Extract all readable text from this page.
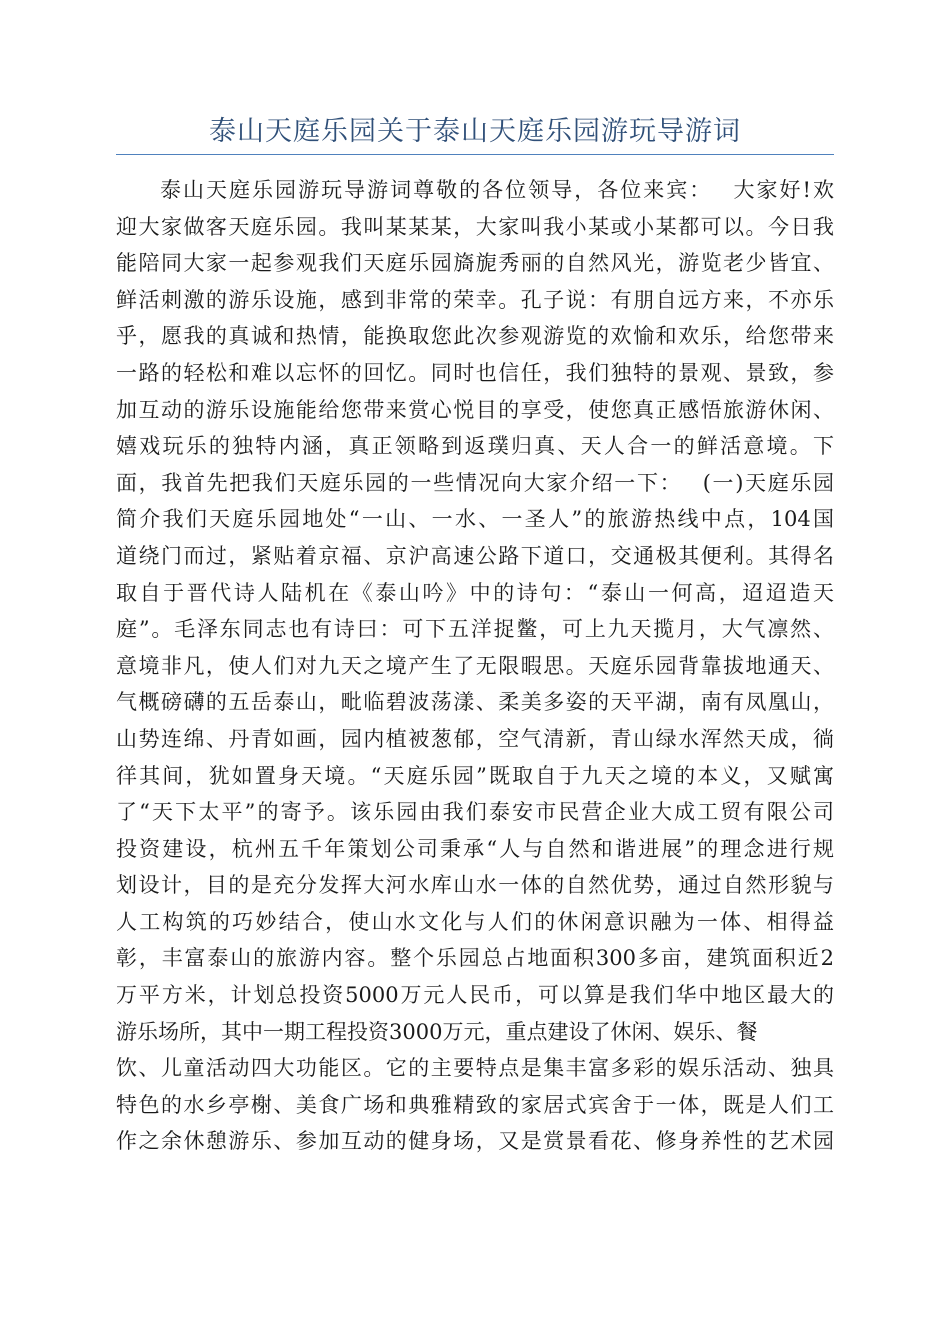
泰山天庭乐园关于泰山天庭乐园游玩导游词
泰山天庭乐园游玩导游词尊敬的各位领导，各位来宾：　 大家好!欢
迎大家做客天庭乐园。我叫某某某，大家叫我小某或小某都可以。今日我
能陪同大家一起参观我们天庭乐园旖旎秀丽的自然风光，游览老少皆宜、
鲜活刺激的游乐设施，感到非常的荣幸。孔子说：有朋自远方来，不亦乐
乎，愿我的真诚和热情，能换取您此次参观游览的欢愉和欢乐，给您带来
一路的轻松和难以忘怀的回忆。同时也信任，我们独特的景观、景致，参
加互动的游乐设施能给您带来赏心悦目的享受，使您真正感悟旅游休闲、
嬉戏玩乐的独特内涵，真正领略到返璞归真、天人合一的鲜活意境。下
面，我首先把我们天庭乐园的一些情况向大家介绍一下：　 (一)天庭乐园
简介我们天庭乐园地处“一山、一水、一圣人”的旅游热线中点，104国
道绕门而过，紧贴着京福、京沪高速公路下道口，交通极其便利。其得名
取自于晋代诗人陆机在《泰山吟》中的诗句：“泰山一何高，迢迢造天
庭”。毛泽东同志也有诗曰：可下五洋捉鳖，可上九天揽月，大气凛然、
意境非凡，使人们对九天之境产生了无限暇思。天庭乐园背靠拔地通天、
气概磅礴的五岳泰山，毗临碧波荡漾、柔美多姿的天平湖，南有凤凰山，
山势连绵、丹青如画，园内植被葱郁，空气清新，青山绿水浑然天成，徜
徉其间，犹如置身天境。“天庭乐园”既取自于九天之境的本义，又赋寓
了“天下太平”的寄予。该乐园由我们泰安市民营企业大成工贸有限公司
投资建设，杭州五千年策划公司秉承“人与自然和谐进展”的理念进行规
划设计，目的是充分发挥大河水库山水一体的自然优势，通过自然形貌与
人工构筑的巧妙结合，使山水文化与人们的休闲意识融为一体、相得益
彰，丰富泰山的旅游内容。整个乐园总占地面积300多亩，建筑面积近2
万平方米，计划总投资5000万元人民币，可以算是我们华中地区最大的
游乐场所，其中一期工程投资3000万元，重点建设了休闲、娱乐、餐
饮、儿童活动四大功能区。它的主要特点是集丰富多彩的娱乐活动、独具
特色的水乡亭榭、美食广场和典雅精致的家居式宾舍于一体，既是人们工
作之余休憩游乐、参加互动的健身场，又是赏景看花、修身养性的艺术园
